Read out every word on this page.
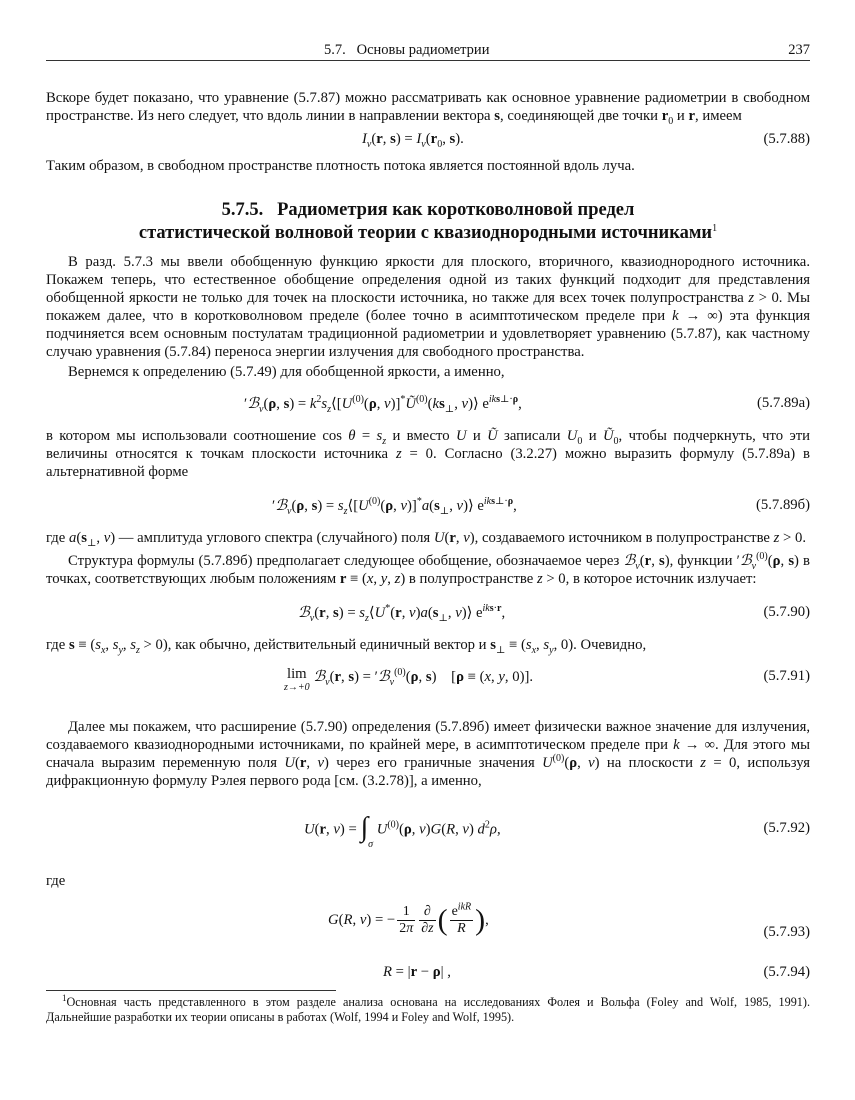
5.7. Основы радиометрии	237

Вскоре будет показано, что уравнение (5.7.87) можно рассматривать как основное уравнение радиометрии в свободном пространстве. Из него следует, что вдоль линии в направлении вектора s, соединяющей две точки $r_0$ и r, имеем

$I_\nu(r$, $s) = I_\nu(r_0$, s).	(5.7.88)

Таким образом, в свободном пространстве плотность потока является постоянной вдоль луча.

5.7.5. Радиометрия как коротковолновой предел

статистической волновой теории с квазиоднородными источниками$^1$

В разд. 5.7.3 мы ввели обобщенную функцию яркости для плоского, вторичного, квазиоднородного источника. Покажем теперь, что естественное обобщение определения одной из таких функций подходит для представления обобщенной яркости не только для точек на плоскости источника, но также для всех точек полупространства z > 0. Мы покажем далее, что в коротковолновом пределе (более точно в асимптотическом пределе при k → ∞) эта функция подчиняется всем основным постулатам традиционной радиометрии и удовлетворяет уравнению (5.7.87), как частному случаю уравнения (5.7.84) переноса энергии излучения для свободного пространства.

Вернемся к определению (5.7.49) для обобщенной яркости, а именно,

′ℬ$_\nu$(ρ, $s) = k^2s_z⟨[U^{(0)}(\rho$, $\nu)]^*Ũ^{(0)}(ks_\perp$, ν)⟩ $e^{iks\perp\cdot\rho}$,	(5.7.89а)

в котором мы использовали соотношение $\cos \theta = s_z$ и вместо U и Ũ записали $U_0$ и $Ũ_0$, чтобы подчеркнуть, что эти величины относятся к точкам плоскости источника z = 0. Согласно (3.2.27) можно выразить формулу (5.7.89а) в альтернативной форме

′ℬ$_\nu$(ρ, $s) = s_z⟨[U^{(0)}(\rho$, $\nu)]^*a(s_\perp$, ν)⟩ $e^{iks\perp\cdot\rho}$,	(5.7.89б)

где $a(s_\perp$, ν) — амплитуда углового спектра (случайного) поля U(r, ν), создаваемого источником в полупространстве z > 0.

Структура формулы (5.7.89б) предполагает следующее обобщение, обозначаемое через ℬ$_\nu$(r, s), функции ′ℬ$_\nu^{(0)}$(ρ, s) в точках, соответствующих любым положениям r ≡ (x, y, z) в полупространстве z > 0, в которое источник излучает:

ℬ$_\nu$(r, $s) = s_z⟨U^*(r$, $\nu)a(s_\perp$, ν)⟩ $e^{iks\cdot r}$,	(5.7.90)

где $s \equiv (s_x$, $s_y$, $s_z > 0$), как обычно, действительный единичный вектор и $s_\perp \equiv (s_x$, $s_y$, 0). Очевидно,

lim
z→+0
ℬ$_\nu$(r, s) = ′ℬ$_\nu^{(0)}$(ρ, s)    [ρ ≡ (x, y, 0)].	(5.7.91)

Далее мы покажем, что расширение (5.7.90) определения (5.7.89б) имеет физически важное значение для излучения, создаваемого квазиоднородными источниками, по крайней мере, в асимптотическом пределе при k → ∞. Для этого мы сначала выразим переменную поля U(r, ν) через его граничные значения $U^{(0)}(\rho$, ν) на плоскости z = 0, используя дифракционную формулу Рэлея первого рода [см. (3.2.78)], а именно,

U(r, $\nu) = \int_\sigma$ $U^{(0)}(\rho$, ν)G(R, ν) $d^2\rho$,	(5.7.92)

где

G(R, ν) = − $\frac{1}{2\pi} \frac{\partial}{\partial z}$ ( $\frac{e^{ikR}}{R}$ ),
(5.7.93)
R = |r − ρ| ,	(5.7.94)

$^1$Основная часть представленного в этом разделе анализа основана на исследованиях Фолея и Вольфа (Foley and Wolf, 1985, 1991). Дальнейшие разработки их теории описаны в работах (Wolf, 1994 и Foley and Wolf, 1995).
